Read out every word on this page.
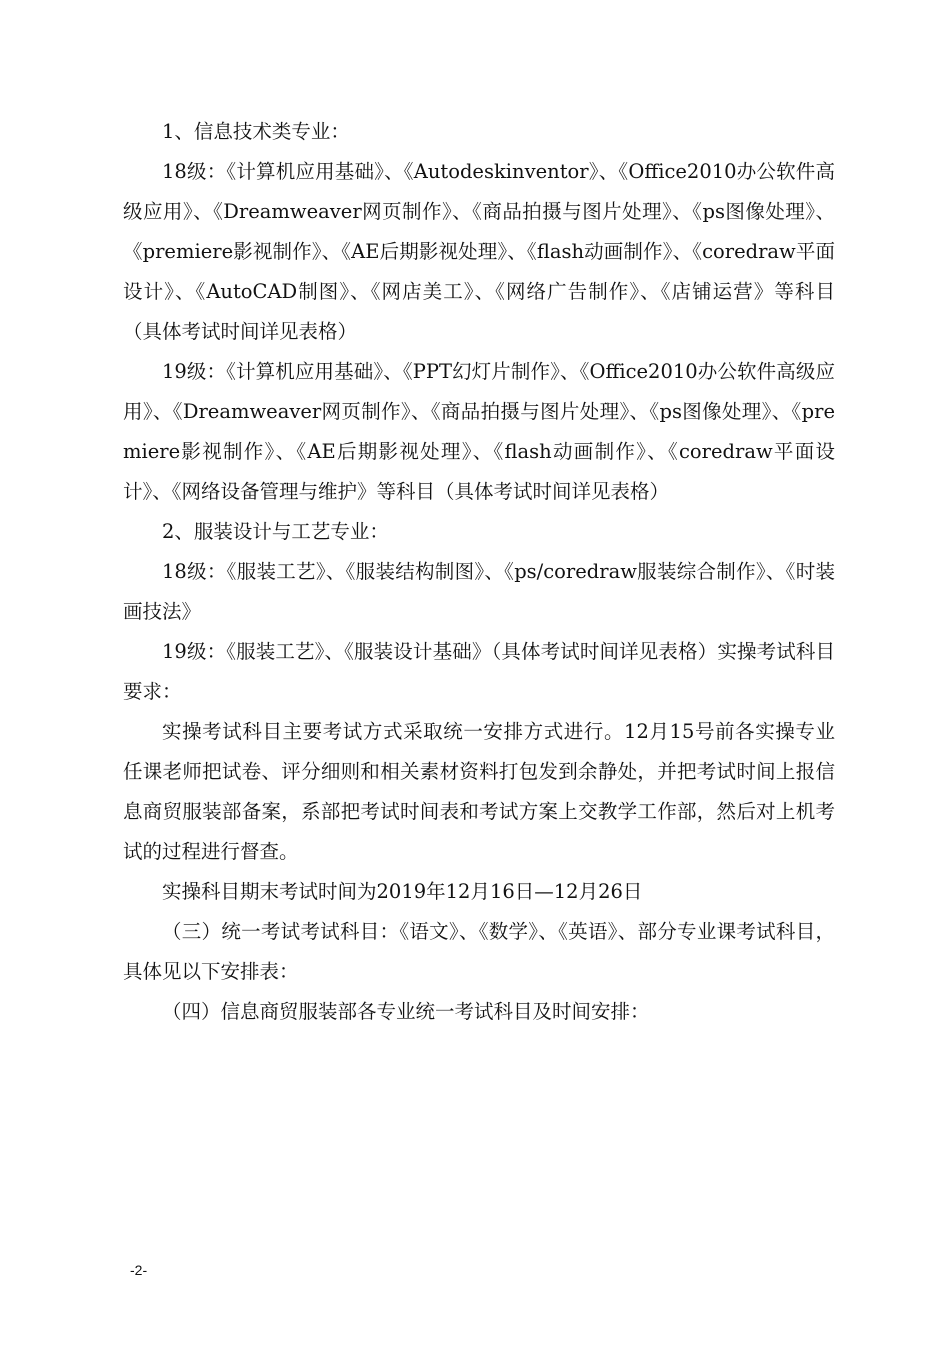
1、信息技术类专业：

18级：《计算机应用基础》、《Autodeskinventor》、《Office2010办公软件高级应用》、《Dreamweaver网页制作》、《商品拍摄与图片处理》、《ps图像处理》、《premiere影视制作》、《AE后期影视处理》、《flash动画制作》、《coredraw平面设计》、《AutoCAD制图》、《网店美工》、《网络广告制作》、《店铺运营》等科目（具体考试时间详见表格）

19级：《计算机应用基础》、《PPT幻灯片制作》、《Office2010办公软件高级应用》、《Dreamweaver网页制作》、《商品拍摄与图片处理》、《ps图像处理》、《premiere影视制作》、《AE后期影视处理》、《flash动画制作》、《coredraw平面设计》、《网络设备管理与维护》等科目（具体考试时间详见表格）

2、服装设计与工艺专业：

18级：《服装工艺》、《服装结构制图》、《ps/coredraw服装综合制作》、《时装画技法》

19级：《服装工艺》、《服装设计基础》（具体考试时间详见表格）实操考试科目要求：

实操考试科目主要考试方式采取统一安排方式进行。12月15号前各实操专业任课老师把试卷、评分细则和相关素材资料打包发到余静处，并把考试时间上报信息商贸服装部备案，系部把考试时间表和考试方案上交教学工作部，然后对上机考试的过程进行督查。

实操科目期末考试时间为2019年12月16日—12月26日

（三）统一考试考试科目：《语文》、《数学》、《英语》、部分专业课考试科目，具体见以下安排表：

（四）信息商贸服装部各专业统一考试科目及时间安排：

-2-
